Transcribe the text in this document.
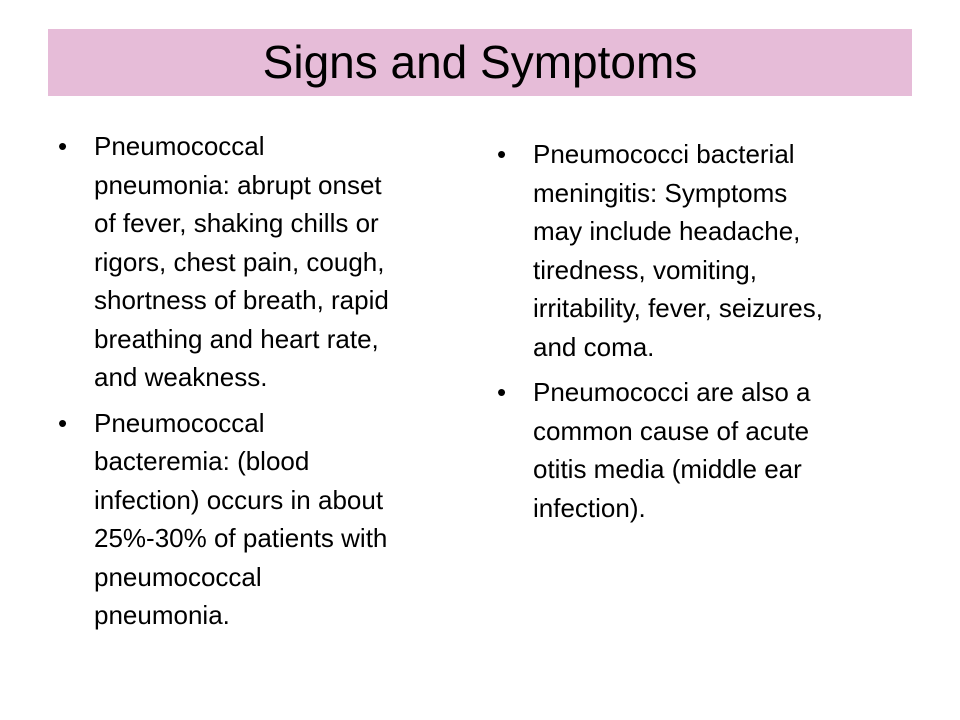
Signs and Symptoms
• Pneumococcal
pneumonia: abrupt onset
of fever, shaking chills or
rigors, chest pain, cough,
shortness of breath, rapid
breathing and heart rate,
and weakness.
• Pneumococcal
bacteremia: (blood
infection) occurs in about
25%-30% of patients with
pneumococcal
pneumonia.
• Pneumococci bacterial
meningitis: Symptoms
may include headache,
tiredness, vomiting,
irritability, fever, seizures,
and coma.
• Pneumococci are also a
common cause of acute
otitis media (middle ear
infection).
